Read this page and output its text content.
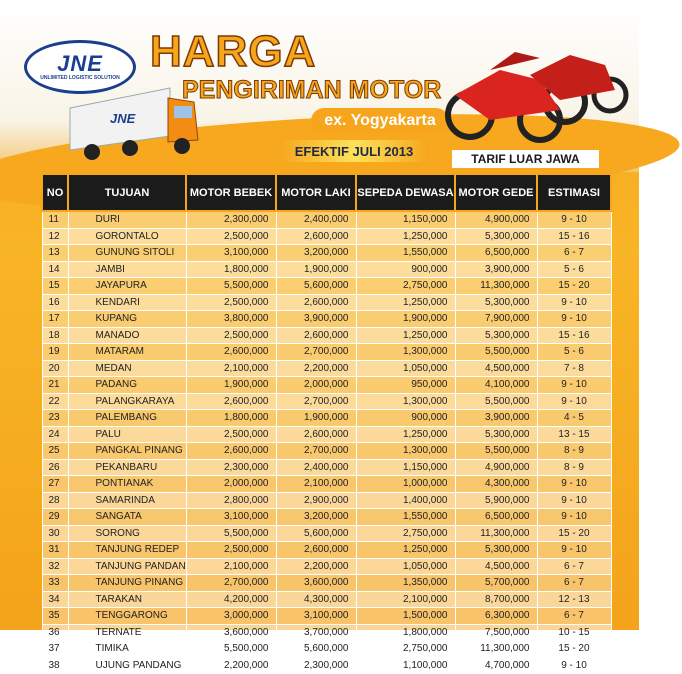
JNE
UNLIMITED LOGISTIC SOLUTION
JNE
HARGA
PENGIRIMAN MOTOR
ex. Yogyakarta
EFEKTIF JULI 2013
TARIF LUAR JAWA
NO	TUJUAN	MOTOR BEBEK	MOTOR LAKI	SEPEDA DEWASA	MOTOR GEDE	ESTIMASI
11	DURI	2,300,000	2,400,000	1,150,000	4,900,000	9 - 10
12	GORONTALO	2,500,000	2,600,000	1,250,000	5,300,000	15 - 16
13	GUNUNG SITOLI	3,100,000	3,200,000	1,550,000	6,500,000	6 - 7
14	JAMBI	1,800,000	1,900,000	900,000	3,900,000	5 - 6
15	JAYAPURA	5,500,000	5,600,000	2,750,000	11,300,000	15 - 20
16	KENDARI	2,500,000	2,600,000	1,250,000	5,300,000	9 - 10
17	KUPANG	3,800,000	3,900,000	1,900,000	7,900,000	9 - 10
18	MANADO	2,500,000	2,600,000	1,250,000	5,300,000	15 - 16
19	MATARAM	2,600,000	2,700,000	1,300,000	5,500,000	5 - 6
20	MEDAN	2,100,000	2,200,000	1,050,000	4,500,000	7 - 8
21	PADANG	1,900,000	2,000,000	950,000	4,100,000	9 - 10
22	PALANGKARAYA	2,600,000	2,700,000	1,300,000	5,500,000	9 - 10
23	PALEMBANG	1,800,000	1,900,000	900,000	3,900,000	4 - 5
24	PALU	2,500,000	2,600,000	1,250,000	5,300,000	13 - 15
25	PANGKAL PINANG	2,600,000	2,700,000	1,300,000	5,500,000	8 - 9
26	PEKANBARU	2,300,000	2,400,000	1,150,000	4,900,000	8 - 9
27	PONTIANAK	2,000,000	2,100,000	1,000,000	4,300,000	9 - 10
28	SAMARINDA	2,800,000	2,900,000	1,400,000	5,900,000	9 - 10
29	SANGATA	3,100,000	3,200,000	1,550,000	6,500,000	9 - 10
30	SORONG	5,500,000	5,600,000	2,750,000	11,300,000	15 - 20
31	TANJUNG REDEP	2,500,000	2,600,000	1,250,000	5,300,000	9 - 10
32	TANJUNG PANDAN	2,100,000	2,200,000	1,050,000	4,500,000	6 - 7
33	TANJUNG PINANG	2,700,000	3,600,000	1,350,000	5,700,000	6 - 7
34	TARAKAN	4,200,000	4,300,000	2,100,000	8,700,000	12 - 13
35	TENGGARONG	3,000,000	3,100,000	1,500,000	6,300,000	6 - 7
36	TERNATE	3,600,000	3,700,000	1,800,000	7,500,000	10 - 15
37	TIMIKA	5,500,000	5,600,000	2,750,000	11,300,000	15 - 20
38	UJUNG PANDANG	2,200,000	2,300,000	1,100,000	4,700,000	9 - 10
